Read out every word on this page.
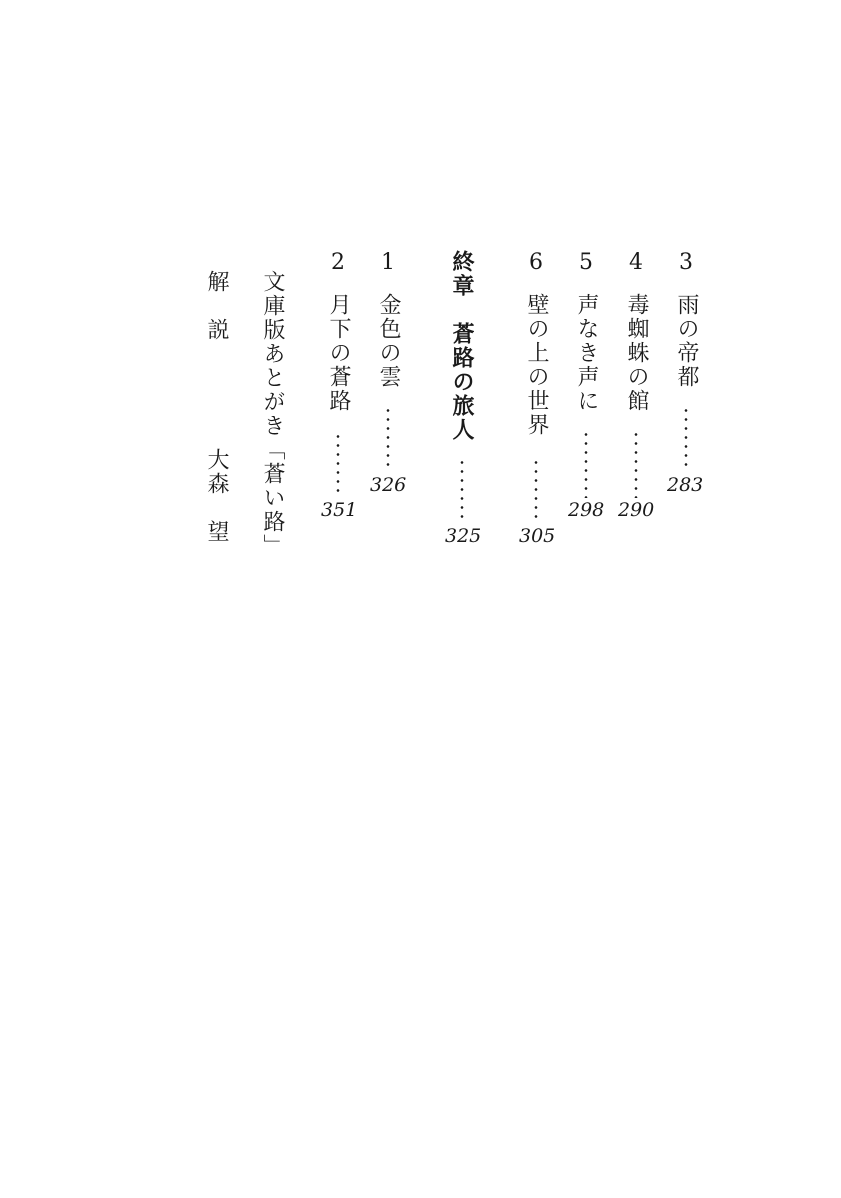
3
雨の帝都
283
4
毒蜘蛛の館
290
5
声なき声に
298
6
壁の上の世界
305
終章
蒼路の旅人
325
1
金色の雲
326
2
月下の蒼路
351
文庫版あとがき「蒼い路」
解　説
大森　望
